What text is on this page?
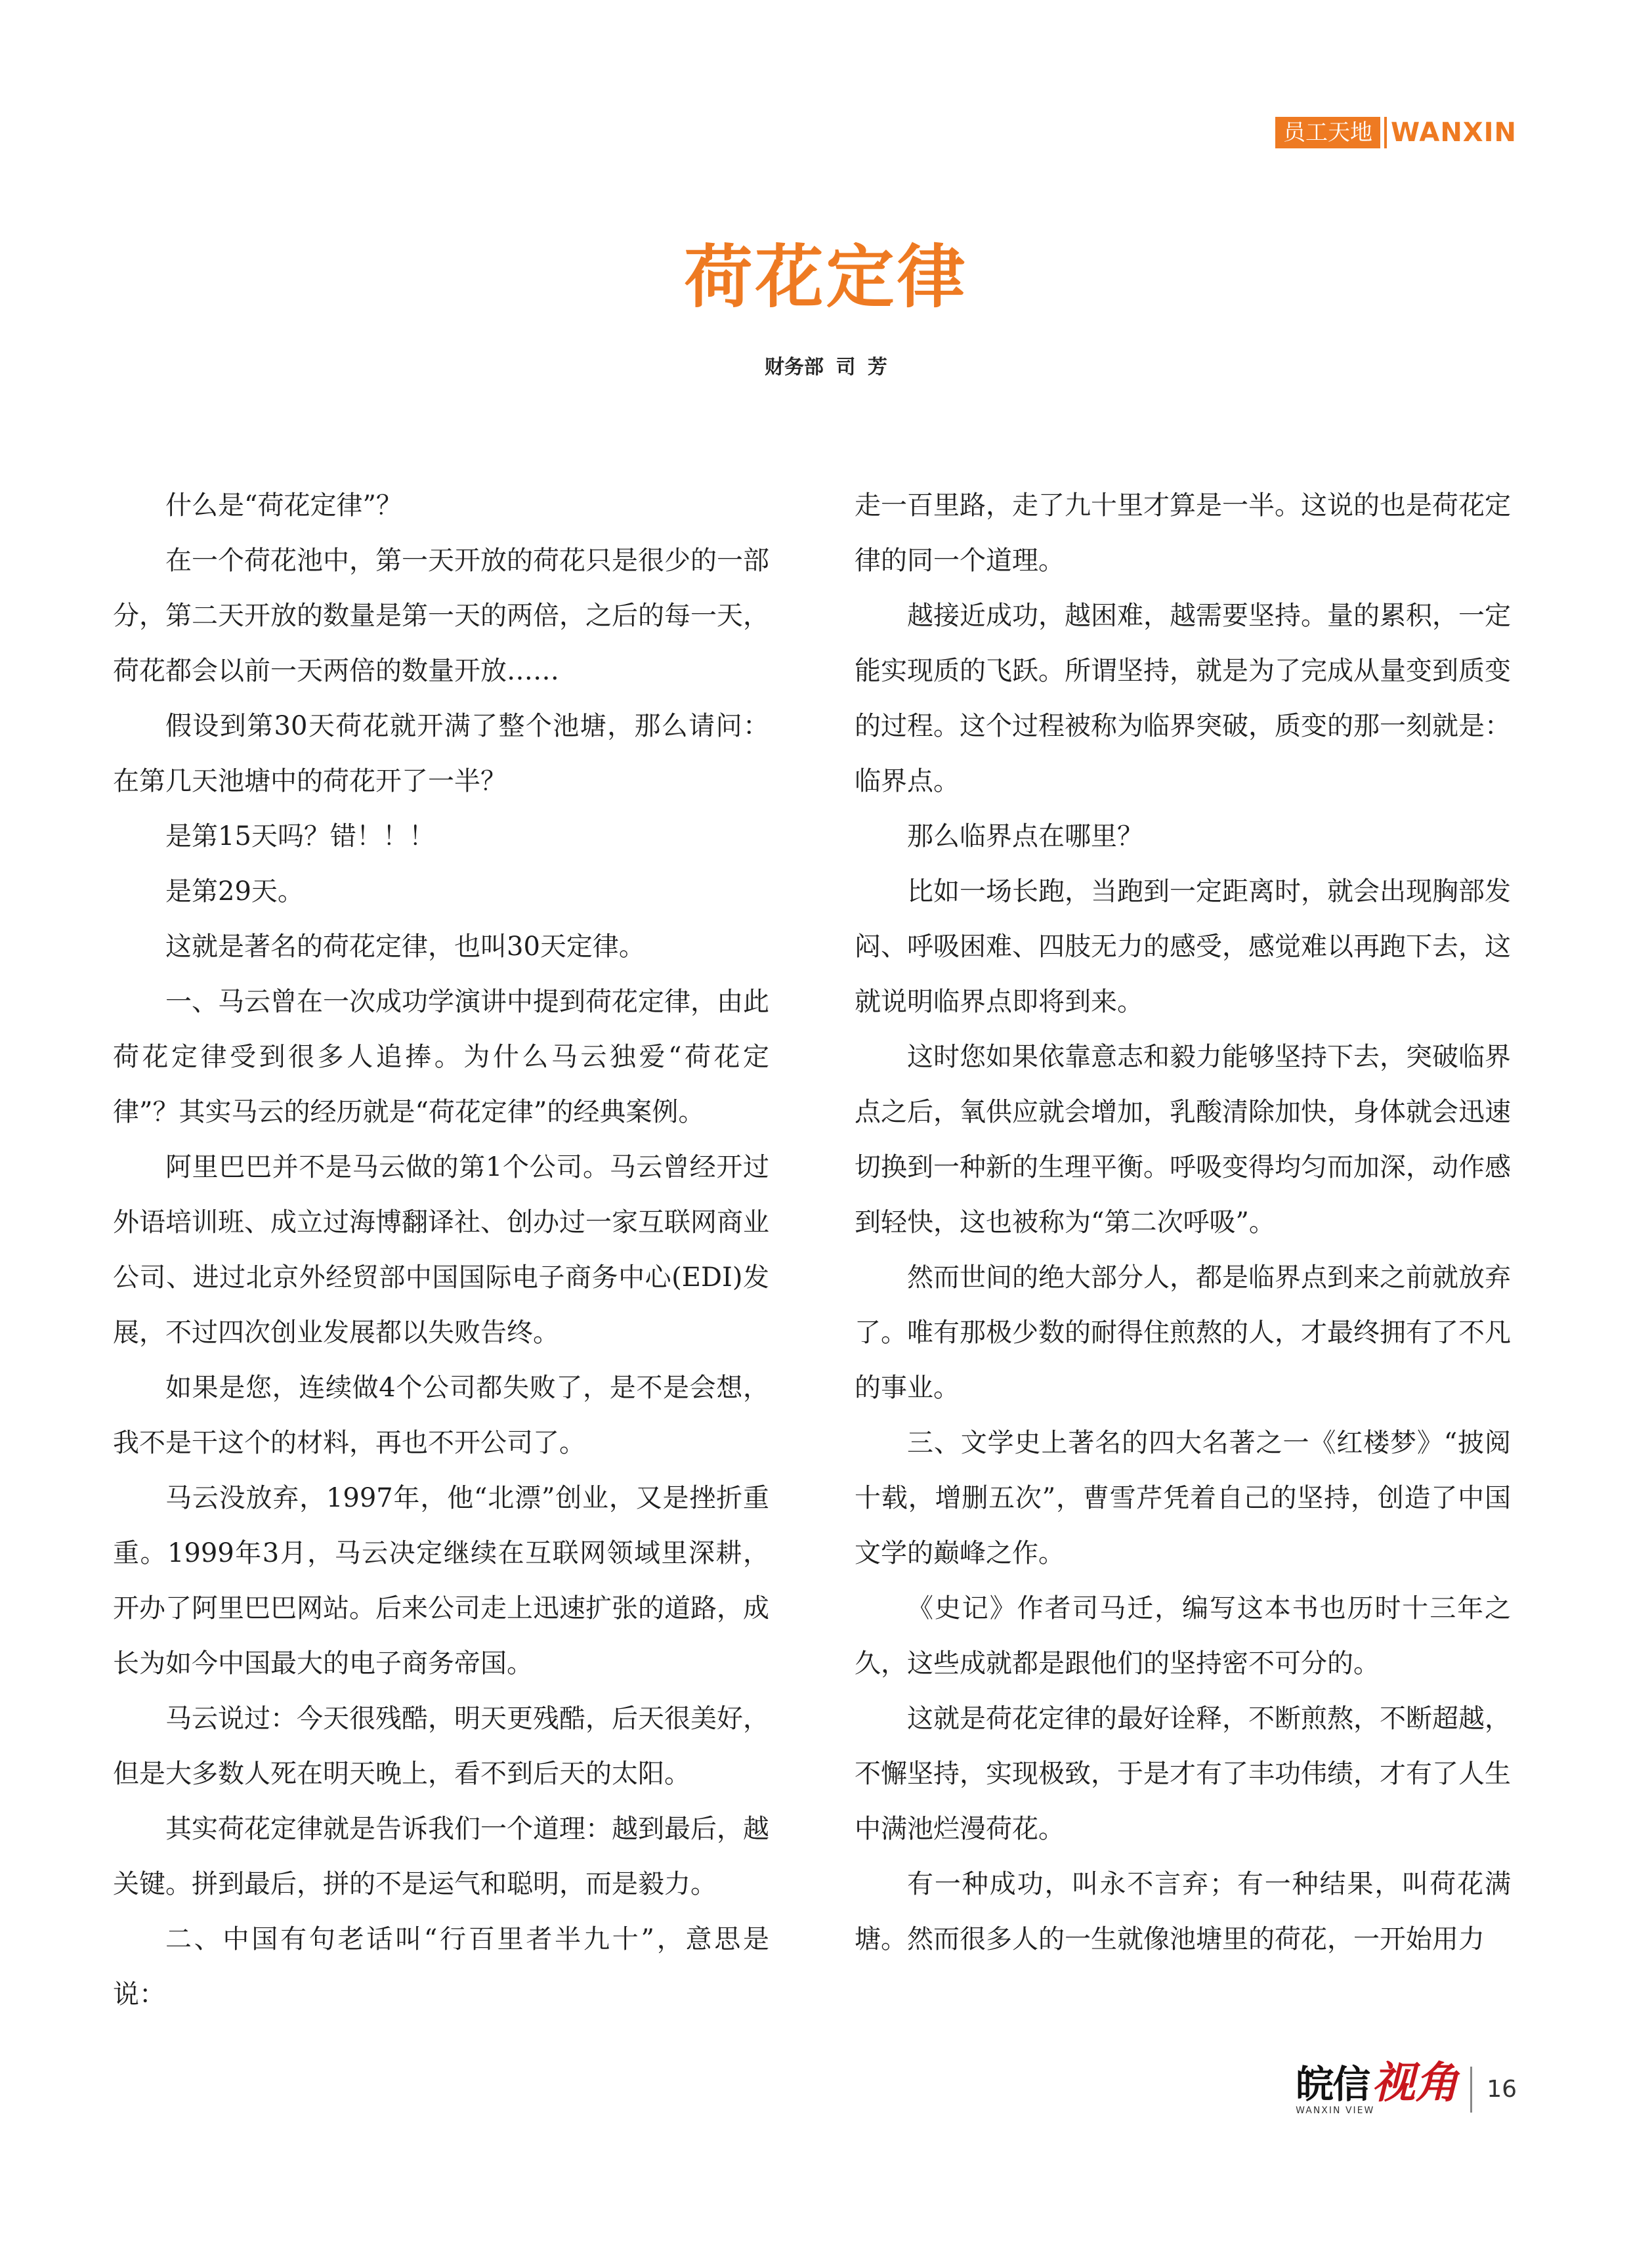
员工天地 WANXIN
荷花定律
财务部 司 芳

什么是“荷花定律”？

在一个荷花池中，第一天开放的荷花只是很少的一部分，第二天开放的数量是第一天的两倍，之后的每一天，荷花都会以前一天两倍的数量开放……

假设到第30天荷花就开满了整个池塘，那么请问：在第几天池塘中的荷花开了一半？

是第15天吗？错！！！

是第29天。

这就是著名的荷花定律，也叫30天定律。

一、马云曾在一次成功学演讲中提到荷花定律，由此荷花定律受到很多人追捧。为什么马云独爱“荷花定律”？其实马云的经历就是“荷花定律”的经典案例。

阿里巴巴并不是马云做的第1个公司。马云曾经开过外语培训班、成立过海博翻译社、创办过一家互联网商业公司、进过北京外经贸部中国国际电子商务中心(EDI)发展，不过四次创业发展都以失败告终。

如果是您，连续做4个公司都失败了，是不是会想，我不是干这个的材料，再也不开公司了。

马云没放弃，1997年，他“北漂”创业，又是挫折重重。1999年3月，马云决定继续在互联网领域里深耕，开办了阿里巴巴网站。后来公司走上迅速扩张的道路，成长为如今中国最大的电子商务帝国。

马云说过：今天很残酷，明天更残酷，后天很美好，但是大多数人死在明天晚上，看不到后天的太阳。

其实荷花定律就是告诉我们一个道理：越到最后，越关键。拼到最后，拼的不是运气和聪明，而是毅力。

二、中国有句老话叫“行百里者半九十”，意思是说：

走一百里路，走了九十里才算是一半。这说的也是荷花定律的同一个道理。

越接近成功，越困难，越需要坚持。量的累积，一定能实现质的飞跃。所谓坚持，就是为了完成从量变到质变的过程。这个过程被称为临界突破，质变的那一刻就是：临界点。

那么临界点在哪里？

比如一场长跑，当跑到一定距离时，就会出现胸部发闷、呼吸困难、四肢无力的感受，感觉难以再跑下去，这就说明临界点即将到来。

这时您如果依靠意志和毅力能够坚持下去，突破临界点之后，氧供应就会增加，乳酸清除加快，身体就会迅速切换到一种新的生理平衡。呼吸变得均匀而加深，动作感到轻快，这也被称为“第二次呼吸”。

然而世间的绝大部分人，都是临界点到来之前就放弃了。唯有那极少数的耐得住煎熬的人，才最终拥有了不凡的事业。

三、文学史上著名的四大名著之一《红楼梦》“披阅十载，增删五次”，曹雪芹凭着自己的坚持，创造了中国文学的巅峰之作。

《史记》作者司马迁，编写这本书也历时十三年之久，这些成就都是跟他们的坚持密不可分的。

这就是荷花定律的最好诠释，不断煎熬，不断超越，不懈坚持，实现极致，于是才有了丰功伟绩，才有了人生中满池烂漫荷花。

有一种成功，叫永不言弃；有一种结果，叫荷花满塘。然而很多人的一生就像池塘里的荷花，一开始用力

皖信 视角
WANXIN VIEW
16
